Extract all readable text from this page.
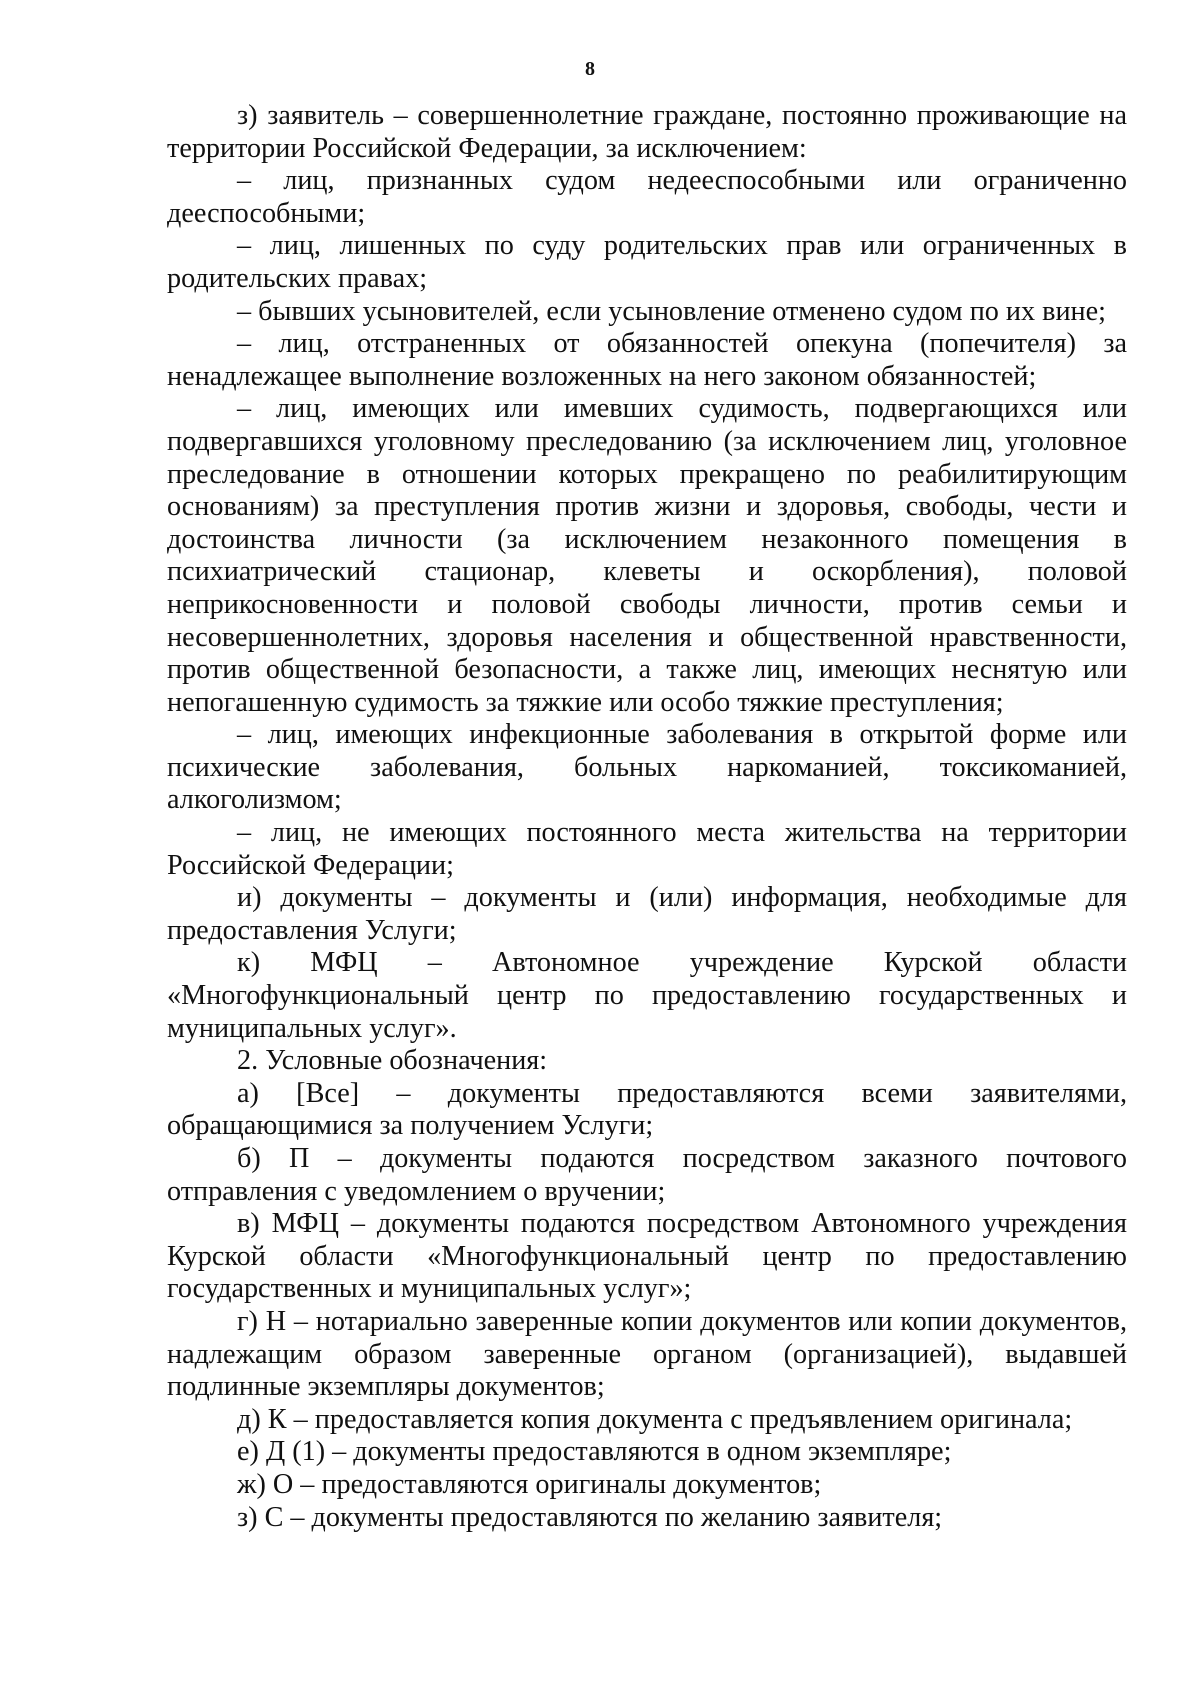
8

з) заявитель – совершеннолетние граждане, постоянно проживающие на территории Российской Федерации, за исключением:

– лиц, признанных судом недееспособными или ограниченно дееспособными;

– лиц, лишенных по суду родительских прав или ограниченных в родительских правах;

– бывших усыновителей, если усыновление отменено судом по их вине;

– лиц, отстраненных от обязанностей опекуна (попечителя) за ненадлежащее выполнение возложенных на него законом обязанностей;

– лиц, имеющих или имевших судимость, подвергающихся или подвергавшихся уголовному преследованию (за исключением лиц, уголовное преследование в отношении которых прекращено по реабилитирующим основаниям) за преступления против жизни и здоровья, свободы, чести и достоинства личности (за исключением незаконного помещения в психиатрический стационар, клеветы и оскорбления), половой неприкосновенности и половой свободы личности, против семьи и несовершеннолетних, здоровья населения и общественной нравственности, против общественной безопасности, а также лиц, имеющих неснятую или непогашенную судимость за тяжкие или особо тяжкие преступления;

– лиц, имеющих инфекционные заболевания в открытой форме или психические заболевания, больных наркоманией, токсикоманией, алкоголизмом;

– лиц, не имеющих постоянного места жительства на территории Российской Федерации;

и) документы – документы и (или) информация, необходимые для предоставления Услуги;

к) МФЦ – Автономное учреждение Курской области «Многофункциональный центр по предоставлению государственных и муниципальных услуг».

2. Условные обозначения:

а) [Все] – документы предоставляются всеми заявителями, обращающимися за получением Услуги;

б) П – документы подаются посредством заказного почтового отправления с уведомлением о вручении;

в) МФЦ – документы подаются посредством Автономного учреждения Курской области «Многофункциональный центр по предоставлению государственных и муниципальных услуг»;

г) Н – нотариально заверенные копии документов или копии документов, надлежащим образом заверенные органом (организацией), выдавшей подлинные экземпляры документов;

д) К – предоставляется копия документа с предъявлением оригинала;

е) Д (1) – документы предоставляются в одном экземпляре;

ж) О – предоставляются оригиналы документов;

з) С – документы предоставляются по желанию заявителя;
